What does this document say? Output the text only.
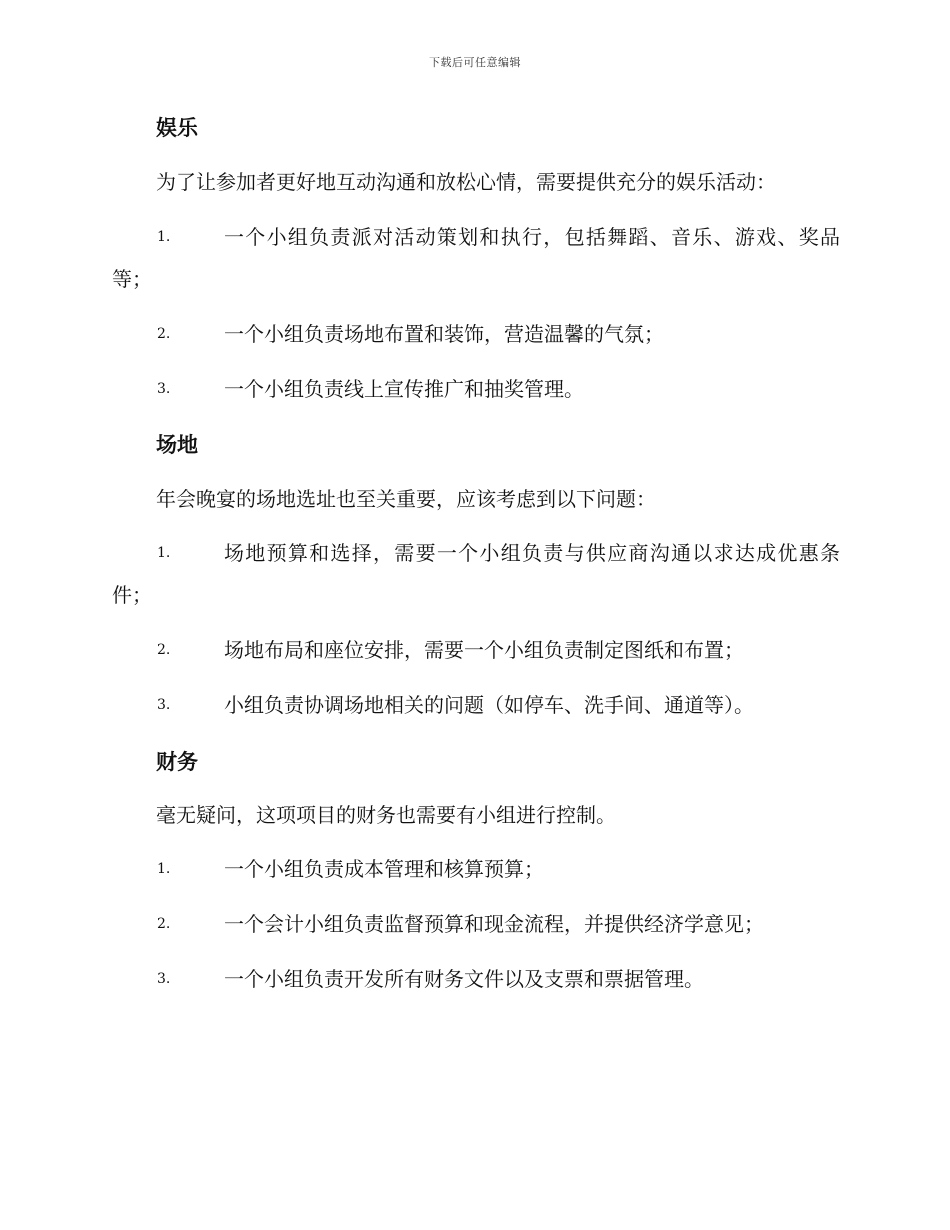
下载后可任意编辑
娱乐
为了让参加者更好地互动沟通和放松心情，需要提供充分的娱乐活动：
1.	一个小组负责派对活动策划和执行，包括舞蹈、音乐、游戏、奖品等；
2.	一个小组负责场地布置和装饰，营造温馨的气氛；
3.	一个小组负责线上宣传推广和抽奖管理。
场地
年会晚宴的场地选址也至关重要，应该考虑到以下问题：
1.	场地预算和选择，需要一个小组负责与供应商沟通以求达成优惠条件；
2.	场地布局和座位安排，需要一个小组负责制定图纸和布置；
3.	小组负责协调场地相关的问题（如停车、洗手间、通道等）。
财务
毫无疑问，这项项目的财务也需要有小组进行控制。
1.	一个小组负责成本管理和核算预算；
2.	一个会计小组负责监督预算和现金流程，并提供经济学意见；
3.	一个小组负责开发所有财务文件以及支票和票据管理。
